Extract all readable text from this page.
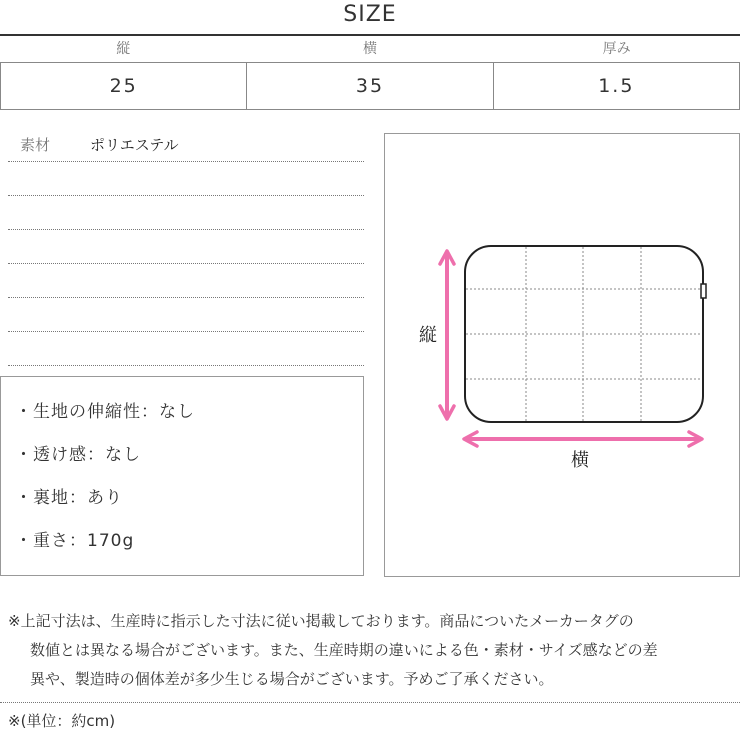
SIZE
縦	横	厚み
25	35	1.5
素材	ポリエステル
・生地の伸縮性：なし
・透け感：なし
・裏地：あり
・重さ：170g
縦
横
※上記寸法は、生産時に指示した寸法に従い掲載しております。商品についたメーカータグの
数値とは異なる場合がございます。また、生産時期の違いによる色・素材・サイズ感などの差
異や、製造時の個体差が多少生じる場合がございます。予めご了承ください。
※(単位：約cm)
